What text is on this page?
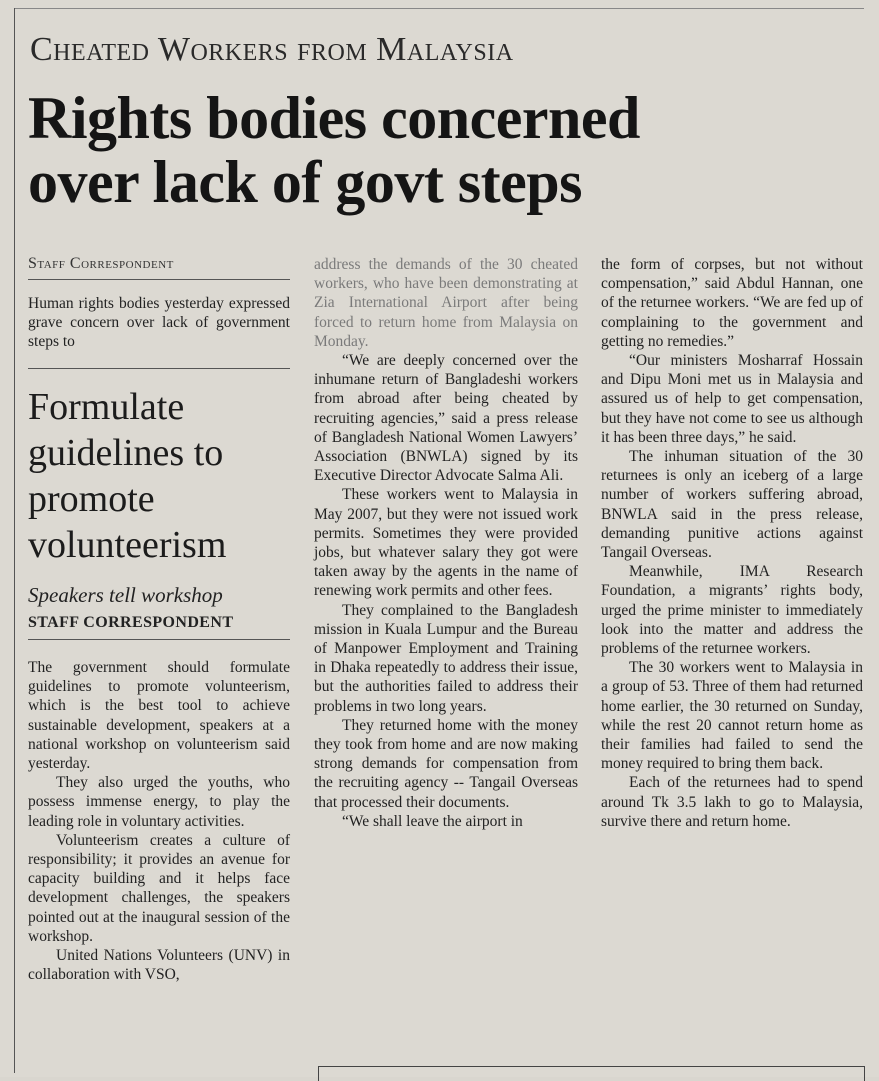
Cheated Workers from Malaysia
Rights bodies concerned
over lack of govt steps
Staff Correspondent

Human rights bodies yesterday expressed grave concern over lack of government steps to

Formulate
guidelines to
promote
volunteerism
Speakers tell workshop
STAFF CORRESPONDENT

The government should formulate guidelines to promote volunteerism, which is the best tool to achieve sustainable development, speakers at a national workshop on volunteerism said yesterday.

They also urged the youths, who possess immense energy, to play the leading role in voluntary activities.

Volunteerism creates a culture of responsibility; it provides an avenue for capacity building and it helps face development challenges, the speakers pointed out at the inaugural session of the workshop.

United Nations Volunteers (UNV) in collaboration with VSO,

address the demands of the 30 cheated workers, who have been demonstrating at Zia International Airport after being forced to return home from Malaysia on Monday.

“We are deeply concerned over the inhumane return of Bangladeshi workers from abroad after being cheated by recruiting agencies,” said a press release of Bangladesh National Women Lawyers’ Association (BNWLA) signed by its Executive Director Advocate Salma Ali.

These workers went to Malaysia in May 2007, but they were not issued work permits. Sometimes they were provided jobs, but whatever salary they got were taken away by the agents in the name of renewing work permits and other fees.

They complained to the Bangladesh mission in Kuala Lumpur and the Bureau of Manpower Employment and Training in Dhaka repeatedly to address their issue, but the authorities failed to address their problems in two long years.

They returned home with the money they took from home and are now making strong demands for compensation from the recruiting agency -- Tangail Overseas that processed their documents.

“We shall leave the airport in

the form of corpses, but not without compensation,” said Abdul Hannan, one of the returnee workers. “We are fed up of complaining to the government and getting no remedies.”

“Our ministers Mosharraf Hossain and Dipu Moni met us in Malaysia and assured us of help to get compensation, but they have not come to see us although it has been three days,” he said.

The inhuman situation of the 30 returnees is only an iceberg of a large number of workers suffering abroad, BNWLA said in the press release, demanding punitive actions against Tangail Overseas.

Meanwhile, IMA Research Foundation, a migrants’ rights body, urged the prime minister to immediately look into the matter and address the problems of the returnee workers.

The 30 workers went to Malaysia in a group of 53. Three of them had returned home earlier, the 30 returned on Sunday, while the rest 20 cannot return home as their families had failed to send the money required to bring them back.

Each of the returnees had to spend around Tk 3.5 lakh to go to Malaysia, survive there and return home.
